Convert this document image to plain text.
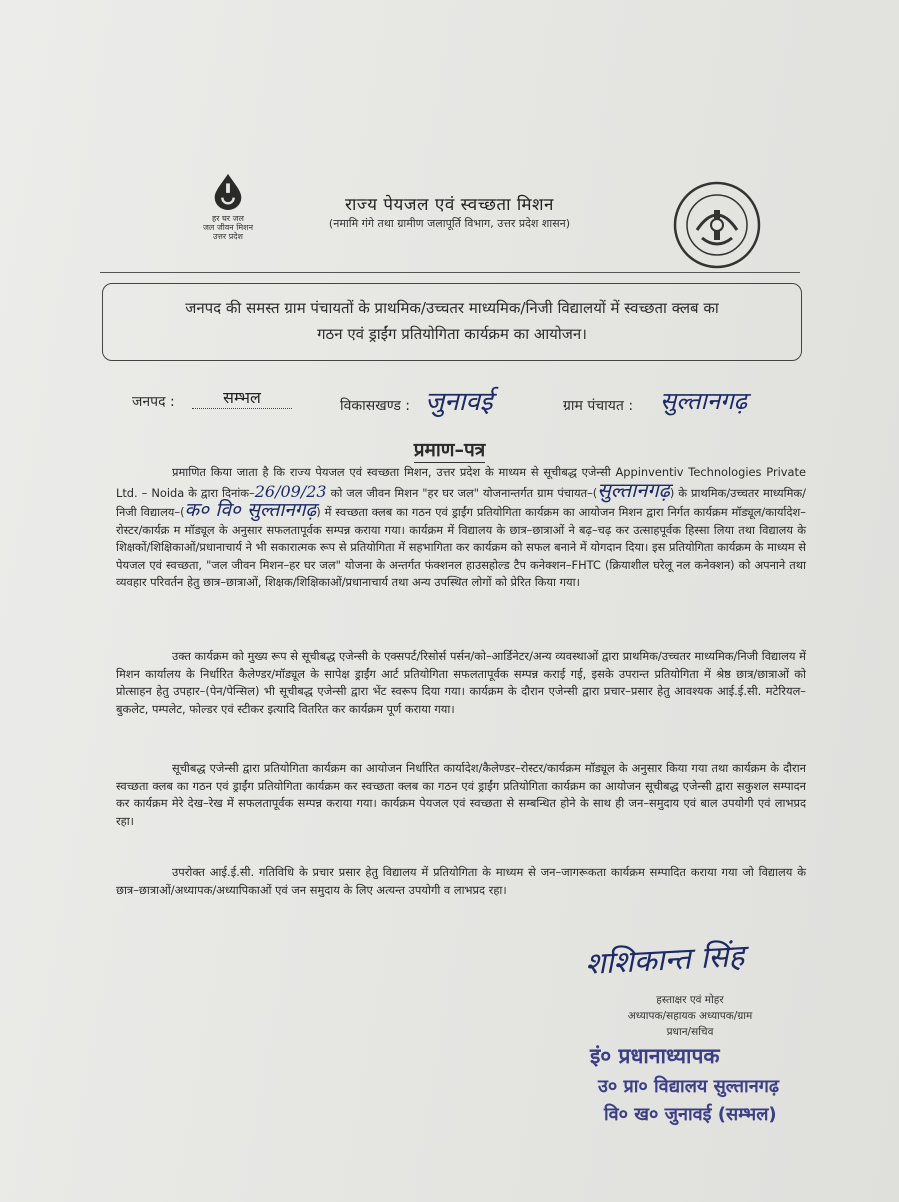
हर घर जल
जल जीवन मिशन
उत्तर प्रदेश
राज्य पेयजल एवं स्वच्छता मिशन
(नमामि गंगे तथा ग्रामीण जलापूर्ति विभाग, उत्तर प्रदेश शासन)
जनपद की समस्त ग्राम पंचायतों के प्राथमिक/उच्चतर माध्यमिक/निजी विद्यालयों में स्वच्छता क्लब का
गठन एवं ड्राईंग प्रतियोगिता कार्यक्रम का आयोजन।
जनपद :	सम्भल	विकासखण्ड : जुनावई	ग्राम पंचायत : सुल्तानगढ़
प्रमाण–पत्र
प्रमाणित किया जाता है कि राज्य पेयजल एवं स्वच्छता मिशन, उत्तर प्रदेश के माध्यम से सूचीबद्ध एजेन्सी Appinventiv Technologies Private Ltd. – Noida के द्वारा दिनांक–26/09/23 को जल जीवन मिशन "हर घर जल" योजनान्तर्गत ग्राम पंचायत–(सुल्तानगढ़) के प्राथमिक/उच्चतर माध्यमिक/निजी विद्यालय–(क० वि० सुल्तानगढ़) में स्वच्छता क्लब का गठन एवं ड्राईंग प्रतियोगिता कार्यक्रम का आयोजन मिशन द्वारा निर्गत कार्यक्रम मॉड्यूल/कार्यादेश–रोस्टर/कार्यक्र म मॉड्यूल के अनुसार सफलतापूर्वक सम्पन्न कराया गया। कार्यक्रम में विद्यालय के छात्र–छात्राओं ने बढ़–चढ़ कर उत्साहपूर्वक हिस्सा लिया तथा विद्यालय के शिक्षकों/शिक्षिकाओं/प्रधानाचार्य ने भी सकारात्मक रूप से प्रतियोगिता में सहभागिता कर कार्यक्रम को सफल बनाने में योगदान दिया। इस प्रतियोगिता कार्यक्रम के माध्यम से पेयजल एवं स्वच्छता, "जल जीवन मिशन–हर घर जल" योजना के अन्तर्गत फंक्शनल हाउसहोल्ड टैप कनेक्शन–FHTC (क्रियाशील घरेलू नल कनेक्शन) को अपनाने तथा व्यवहार परिवर्तन हेतु छात्र–छात्राओं, शिक्षक/शिक्षिकाओं/प्रधानाचार्य तथा अन्य उपस्थित लोगों को प्रेरित किया गया।
उक्त कार्यक्रम को मुख्य रूप से सूचीबद्ध एजेन्सी के एक्सपर्ट/रिसोर्स पर्सन/को–आर्डिनेटर/अन्य व्यवस्थाओं द्वारा प्राथमिक/उच्चतर माध्यमिक/निजी विद्यालय में मिशन कार्यालय के निर्धारित कैलेण्डर/मॉड्यूल के सापेक्ष ड्राईंग आर्ट प्रतियोगिता सफलतापूर्वक सम्पन्न कराई गई, इसके उपरान्त प्रतियोगिता में श्रेष्ठ छात्र/छात्राओं को प्रोत्साहन हेतु उपहार–(पेन/पेन्सिल) भी सूचीबद्ध एजेन्सी द्वारा भेंट स्वरूप दिया गया। कार्यक्रम के दौरान एजेन्सी द्वारा प्रचार–प्रसार हेतु आवश्यक आई.ई.सी. मटेरियल–बुकलेट, पम्पलेट, फोल्डर एवं स्टीकर इत्यादि वितरित कर कार्यक्रम पूर्ण कराया गया।
सूचीबद्ध एजेन्सी द्वारा प्रतियोगिता कार्यक्रम का आयोजन निर्धारित कार्यादेश/कैलेण्डर–रोस्टर/कार्यक्रम मॉड्यूल के अनुसार किया गया तथा कार्यक्रम के दौरान स्वच्छता क्लब का गठन एवं ड्राईंग प्रतियोगिता कार्यक्रम कर स्वच्छता क्लब का गठन एवं ड्राईंग प्रतियोगिता कार्यक्रम का आयोजन सूचीबद्ध एजेन्सी द्वारा सकुशल सम्पादन कर कार्यक्रम मेरे देख–रेख में सफलतापूर्वक सम्पन्न कराया गया। कार्यक्रम पेयजल एवं स्वच्छता से सम्बन्धित होने के साथ ही जन–समुदाय एवं बाल उपयोगी एवं लाभप्रद रहा।
उपरोक्त आई.ई.सी. गतिविधि के प्रचार प्रसार हेतु विद्यालय में प्रतियोगिता के माध्यम से जन–जागरूकता कार्यक्रम सम्पादित कराया गया जो विद्यालय के छात्र–छात्राओं/अध्यापक/अध्यापिकाओं एवं जन समुदाय के लिए अत्यन्त उपयोगी व लाभप्रद रहा।
शशिकान्त सिंह
हस्ताक्षर एवं मोहर
अध्यापक/सहायक अध्यापक/ग्राम
प्रधान/सचिव
इं० प्रधानाध्यापक
उ० प्रा० विद्यालय सुल्तानगढ़
वि० ख० जुनावई (सम्भल)
